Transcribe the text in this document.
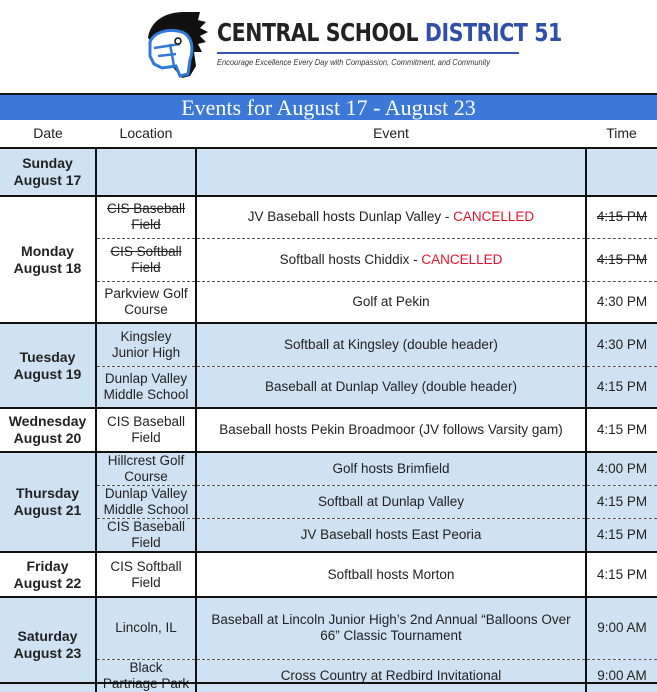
CENTRAL SCHOOL DISTRICT 51
Encourage Excellence Every Day with Compassion, Commitment, and Community
Events for August 17 - August 23
Date	Location	Event	Time
Sunday
August 17			

Monday
August 18	CIS Baseball Field	JV Baseball hosts Dunlap Valley - CANCELLED	4:15 PM
	CIS Softball Field	Softball hosts Chiddix - CANCELLED	4:15 PM
	Parkview Golf Course	Golf at Pekin	4:30 PM

Tuesday
August 19	Kingsley Junior High	Softball at Kingsley (double header)	4:30 PM
	Dunlap Valley Middle School	Baseball at Dunlap Valley (double header)	4:15 PM

Wednesday
August 20	CIS Baseball Field	Baseball hosts Pekin Broadmoor (JV follows Varsity gam)	4:15 PM

Thursday
August 21	Hillcrest Golf Course	Golf hosts Brimfield	4:00 PM
	Dunlap Valley Middle School	Softball at Dunlap Valley	4:15 PM
	CIS Baseball Field	JV Baseball hosts East Peoria	4:15 PM

Friday
August 22	CIS Softball Field	Softball hosts Morton	4:15 PM

Saturday
August 23	Lincoln, IL	Baseball at Lincoln Junior High’s 2nd Annual “Balloons Over 66” Classic Tournament	9:00 AM
	Black	Cross Country at Redbird Invitational	9:00 AM
